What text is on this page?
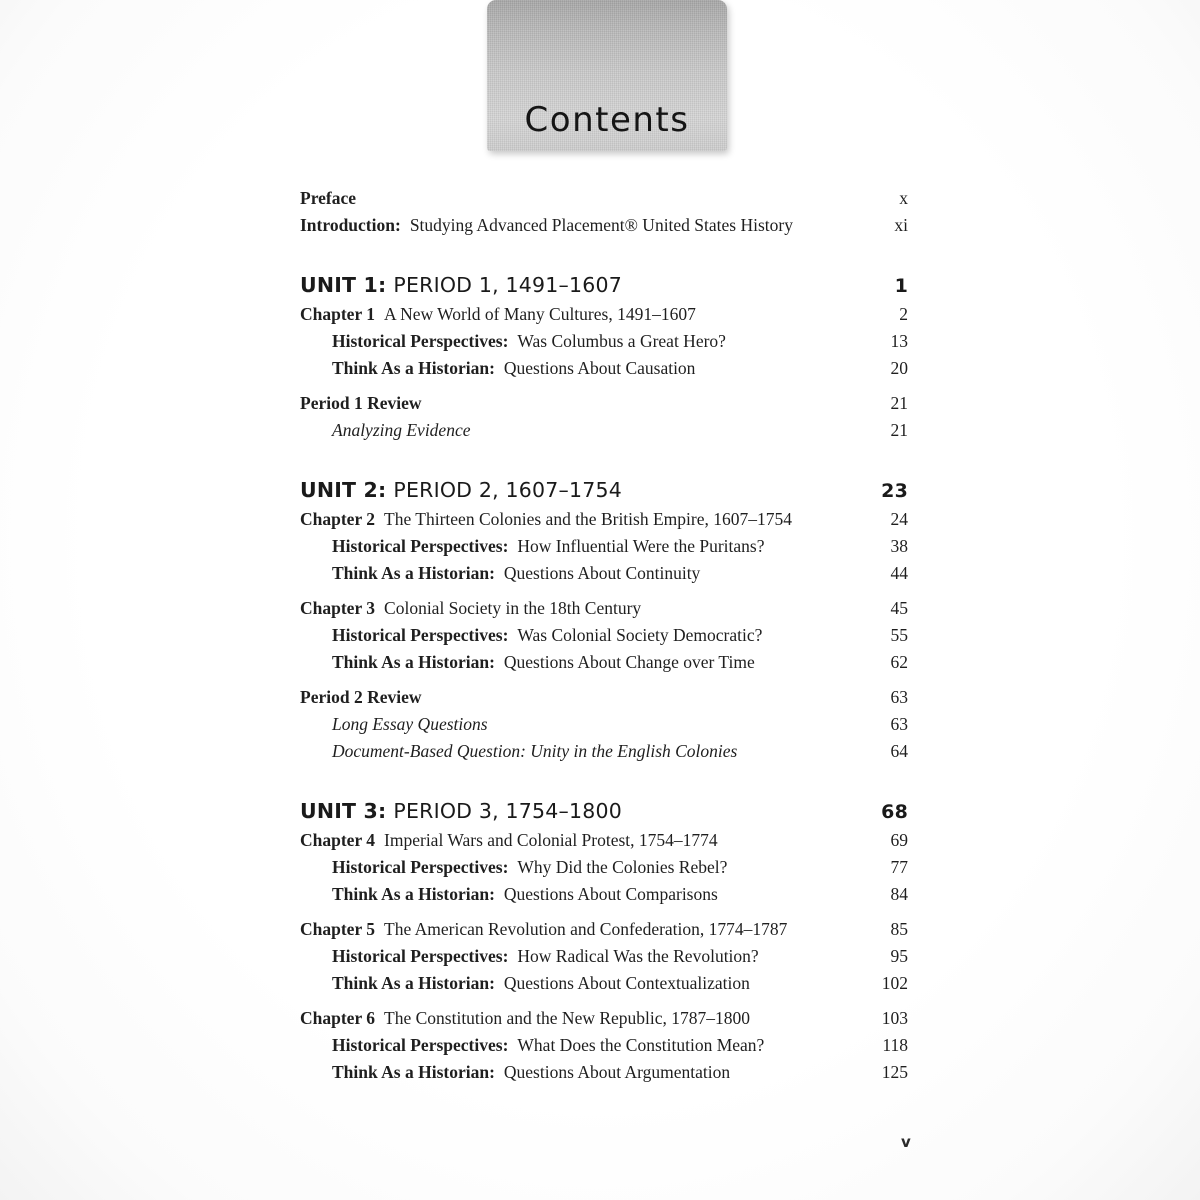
Contents
Preface	x
Introduction: Studying Advanced Placement® United States History	xi
UNIT 1: PERIOD 1, 1491–1607	1
Chapter 1 A New World of Many Cultures, 1491–1607	2
Historical Perspectives: Was Columbus a Great Hero?	13
Think As a Historian: Questions About Causation	20
Period 1 Review	21
Analyzing Evidence	21
UNIT 2: PERIOD 2, 1607–1754	23
Chapter 2 The Thirteen Colonies and the British Empire, 1607–1754	24
Historical Perspectives: How Influential Were the Puritans?	38
Think As a Historian: Questions About Continuity	44
Chapter 3 Colonial Society in the 18th Century	45
Historical Perspectives: Was Colonial Society Democratic?	55
Think As a Historian: Questions About Change over Time	62
Period 2 Review	63
Long Essay Questions	63
Document-Based Question: Unity in the English Colonies	64
UNIT 3: PERIOD 3, 1754–1800	68
Chapter 4 Imperial Wars and Colonial Protest, 1754–1774	69
Historical Perspectives: Why Did the Colonies Rebel?	77
Think As a Historian: Questions About Comparisons	84
Chapter 5 The American Revolution and Confederation, 1774–1787	85
Historical Perspectives: How Radical Was the Revolution?	95
Think As a Historian: Questions About Contextualization	102
Chapter 6 The Constitution and the New Republic, 1787–1800	103
Historical Perspectives: What Does the Constitution Mean?	118
Think As a Historian: Questions About Argumentation	125
v
